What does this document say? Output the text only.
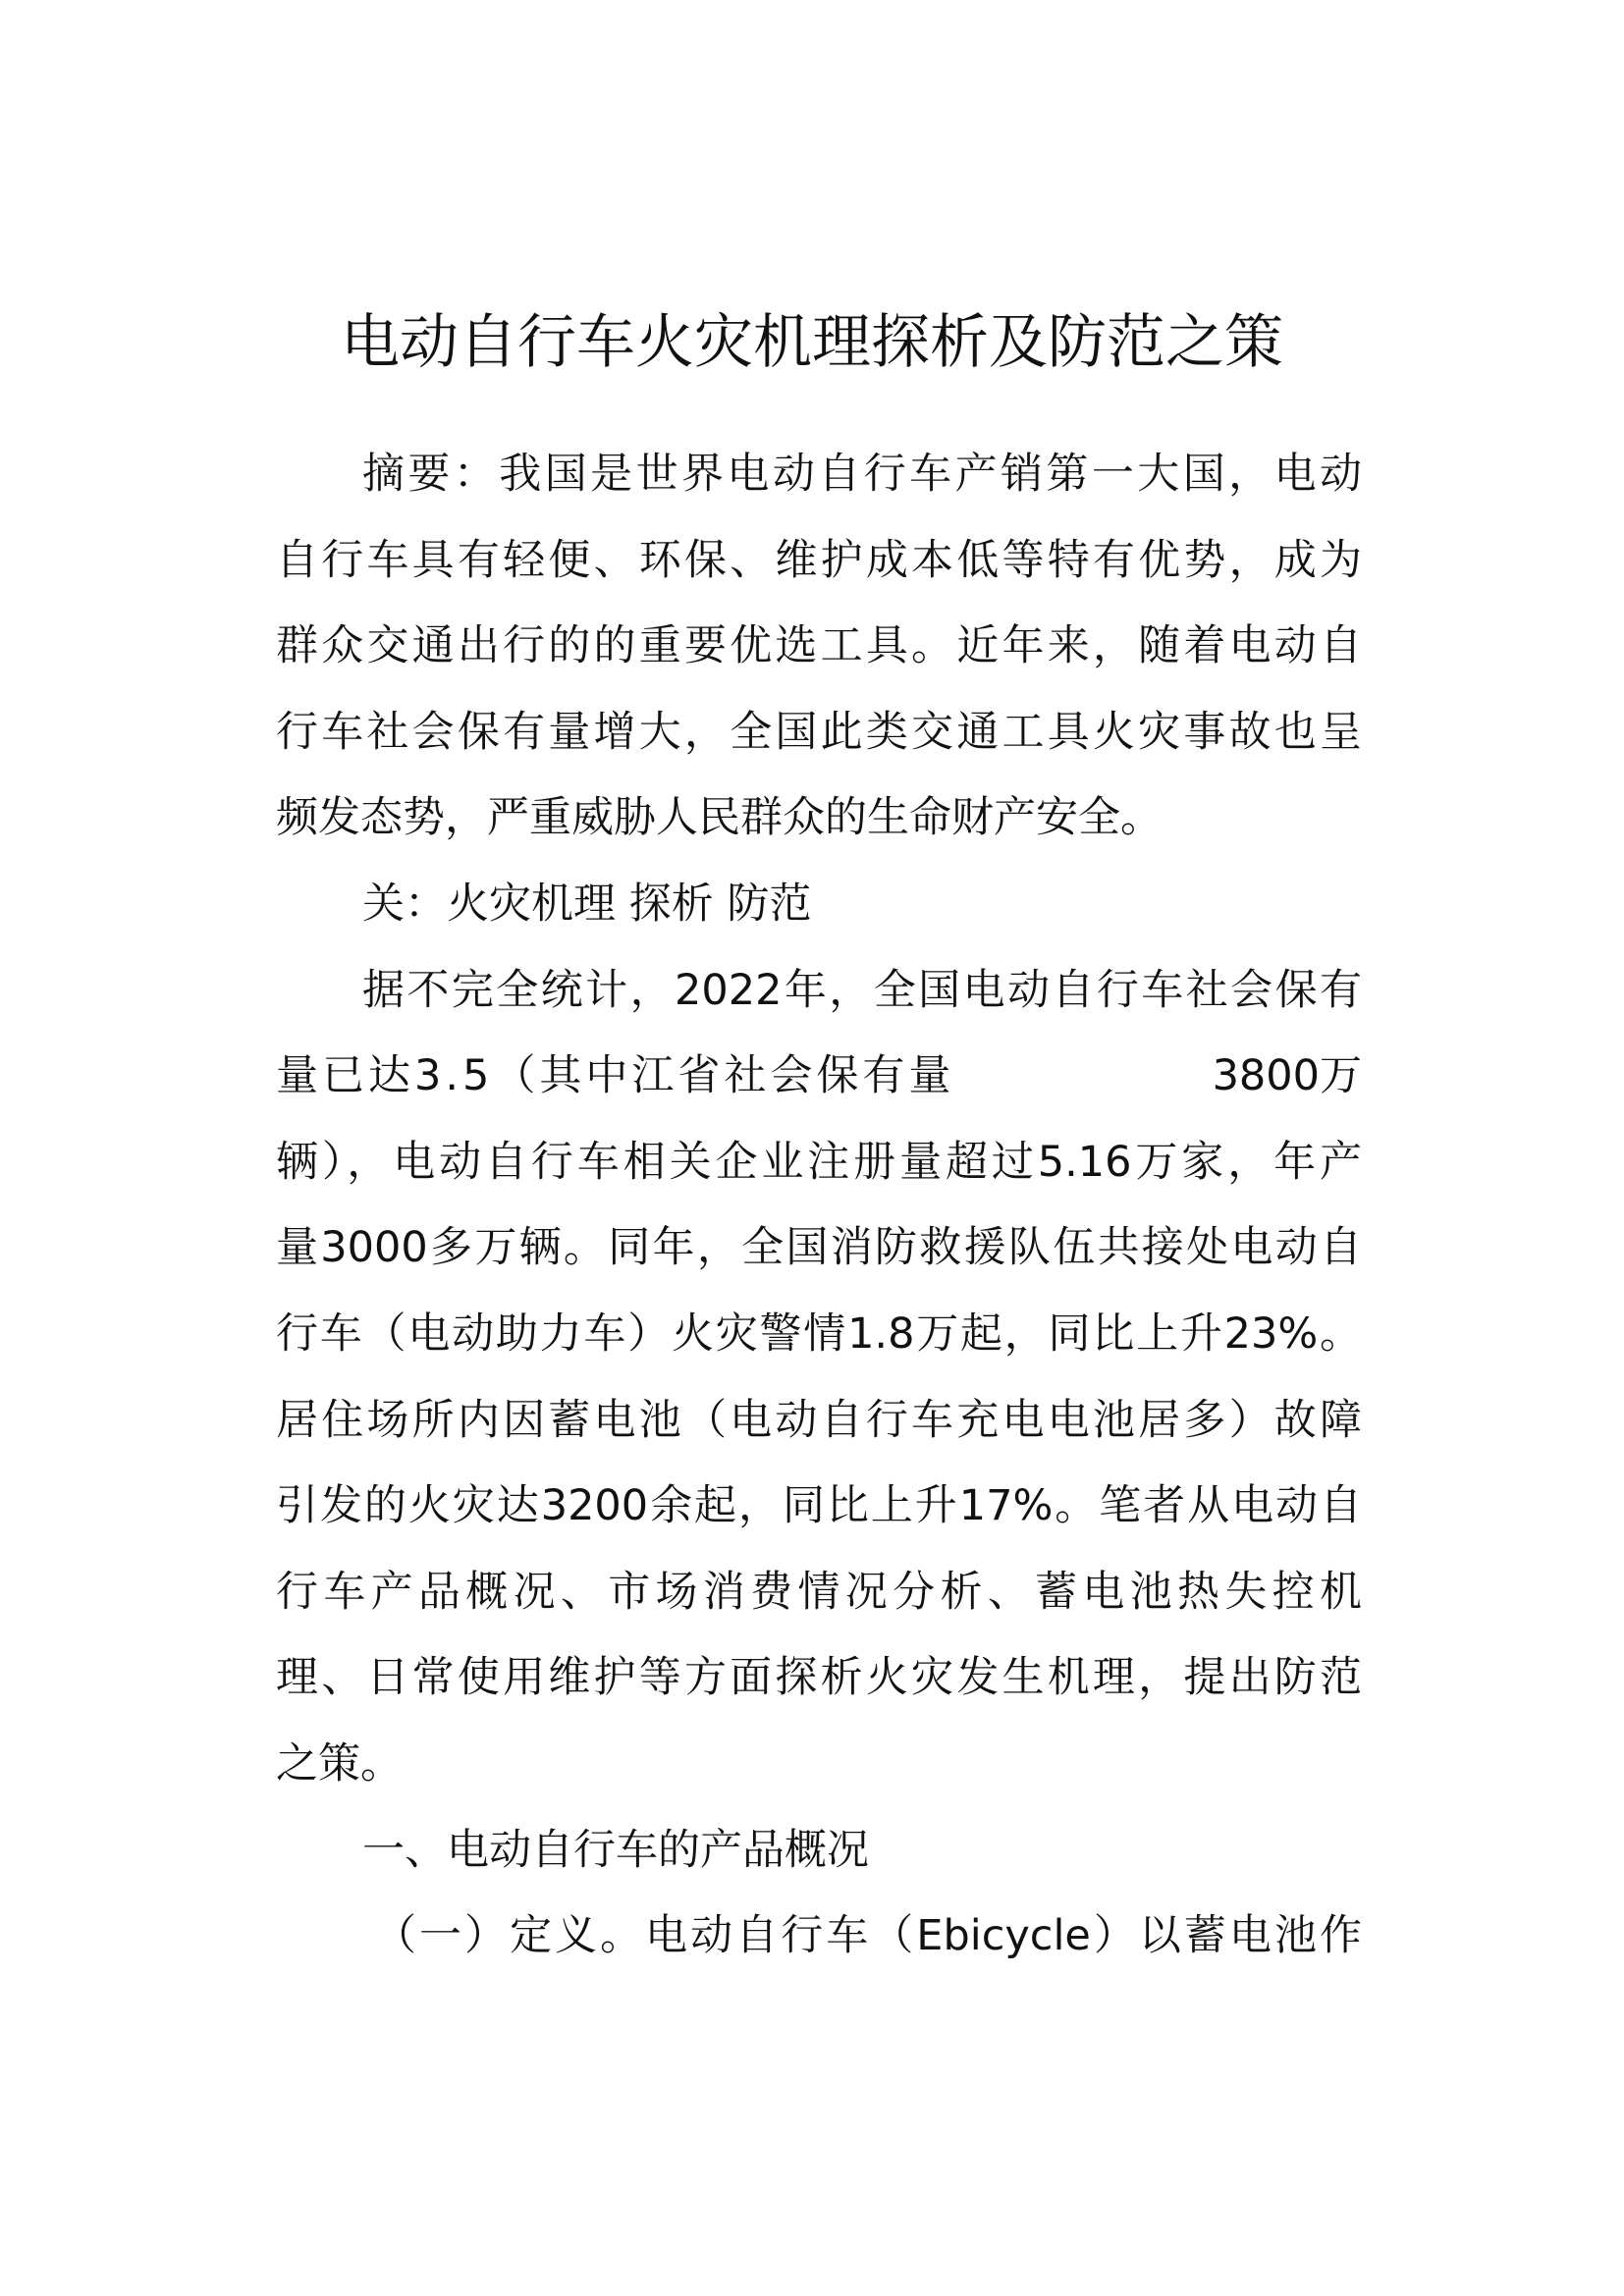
电动自行车火灾机理探析及防范之策
摘要：我国是世界电动自行车产销第一大国，电动
自行车具有轻便、环保、维护成本低等特有优势，成为
群众交通出行的的重要优选工具。近年来，随着电动自
行车社会保有量增大，全国此类交通工具火灾事故也呈
频发态势，严重威胁人民群众的生命财产安全。
关：火灾机理 探析 防范
据不完全统计，2022年，全国电动自行车社会保有
量已达3.5（其中江省社会保有量	3800万
辆），电动自行车相关企业注册量超过5.16万家，年产
量3000多万辆。同年，全国消防救援队伍共接处电动自
行车（电动助力车）火灾警情1.8万起，同比上升23%。
居住场所内因蓄电池（电动自行车充电电池居多）故障
引发的火灾达3200余起，同比上升17%。笔者从电动自
行车产品概况、市场消费情况分析、蓄电池热失控机
理、日常使用维护等方面探析火灾发生机理，提出防范
之策。
一、电动自行车的产品概况
（一）定义。电动自行车（Ebicycle）以蓄电池作
